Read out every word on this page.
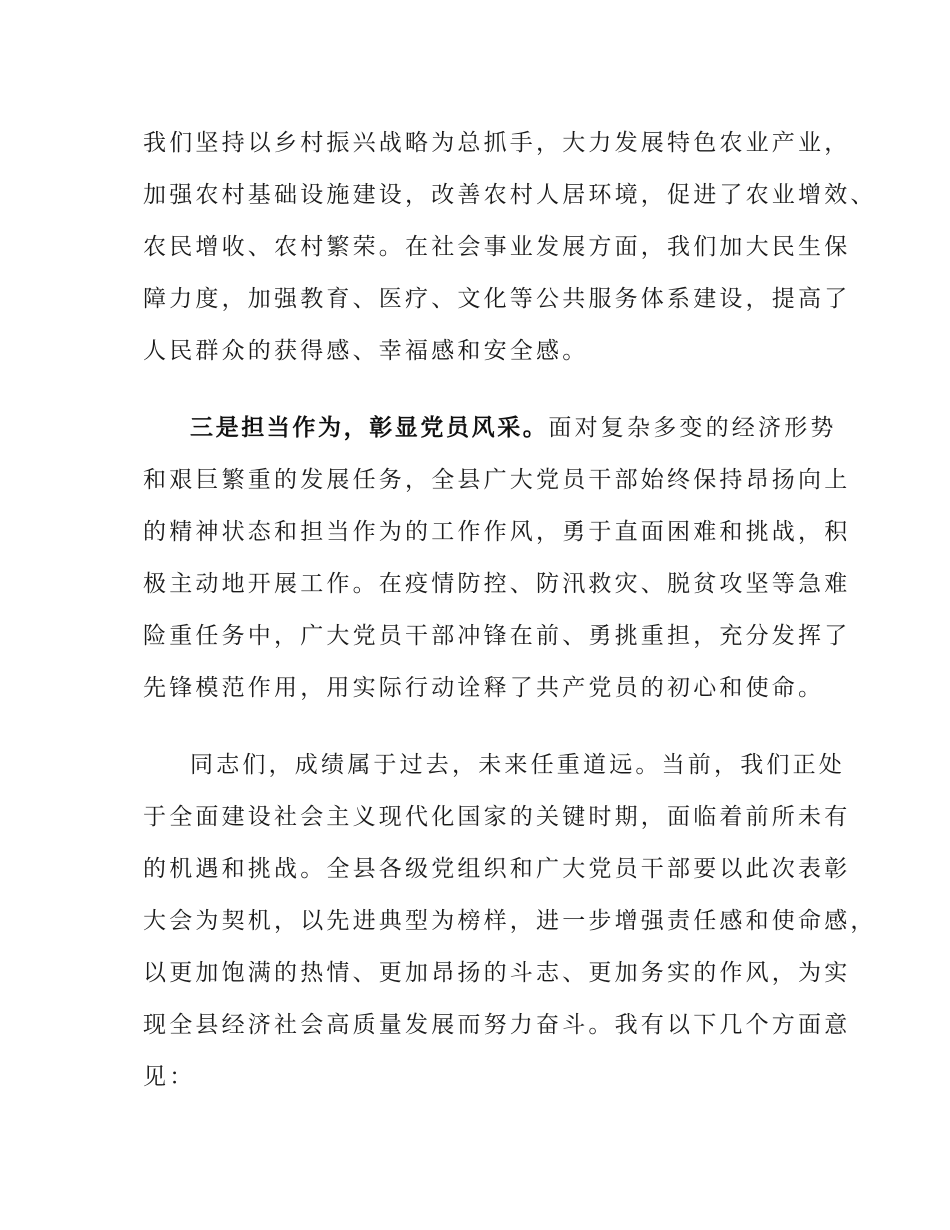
我们坚持以乡村振兴战略为总抓手，大力发展特色农业产业，
加强农村基础设施建设，改善农村人居环境，促进了农业增效、
农民增收、农村繁荣。在社会事业发展方面，我们加大民生保
障力度，加强教育、医疗、文化等公共服务体系建设，提高了
人民群众的获得感、幸福感和安全感。
三是担当作为，彰显党员风采。面对复杂多变的经济形势
和艰巨繁重的发展任务，全县广大党员干部始终保持昂扬向上
的精神状态和担当作为的工作作风，勇于直面困难和挑战，积
极主动地开展工作。在疫情防控、防汛救灾、脱贫攻坚等急难
险重任务中，广大党员干部冲锋在前、勇挑重担，充分发挥了
先锋模范作用，用实际行动诠释了共产党员的初心和使命。
同志们，成绩属于过去，未来任重道远。当前，我们正处
于全面建设社会主义现代化国家的关键时期，面临着前所未有
的机遇和挑战。全县各级党组织和广大党员干部要以此次表彰
大会为契机，以先进典型为榜样，进一步增强责任感和使命感，
以更加饱满的热情、更加昂扬的斗志、更加务实的作风，为实
现全县经济社会高质量发展而努力奋斗。我有以下几个方面意
见：
